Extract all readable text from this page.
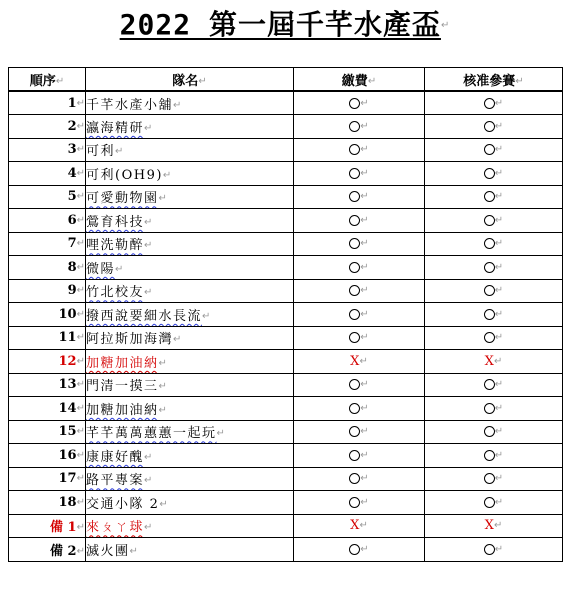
2022 第一屆千芊水產盃↵
順序↵	隊名↵	繳費↵	核准參賽↵
1↵	千芊水產小舖↵	↵	↵
2↵	瀛海精研↵	↵	↵
3↵	可利↵	↵	↵
4↵	可利(OH9)↵	↵	↵
5↵	可愛動物園↵	↵	↵
6↵	鶯育科技↵	↵	↵
7↵	哩洗勒醉↵	↵	↵
8↵	微陽↵	↵	↵
9↵	竹北校友↵	↵	↵
10↵	撥西說要細水長流↵	↵	↵
11↵	阿拉斯加海灣↵	↵	↵
12↵	加糖加油納↵	X↵	X↵
13↵	門清一摸三↵	↵	↵
14↵	加糖加油納↵	↵	↵
15↵	芊芊萬萬蕙蕙一起玩↵	↵	↵
16↵	康康好醜↵	↵	↵
17↵	路平專案↵	↵	↵
18↵	交通小隊 2↵	↵	↵
備 1↵	來ㄆㄚ球↵	X↵	X↵
備 2↵	滅火團↵	↵	↵
